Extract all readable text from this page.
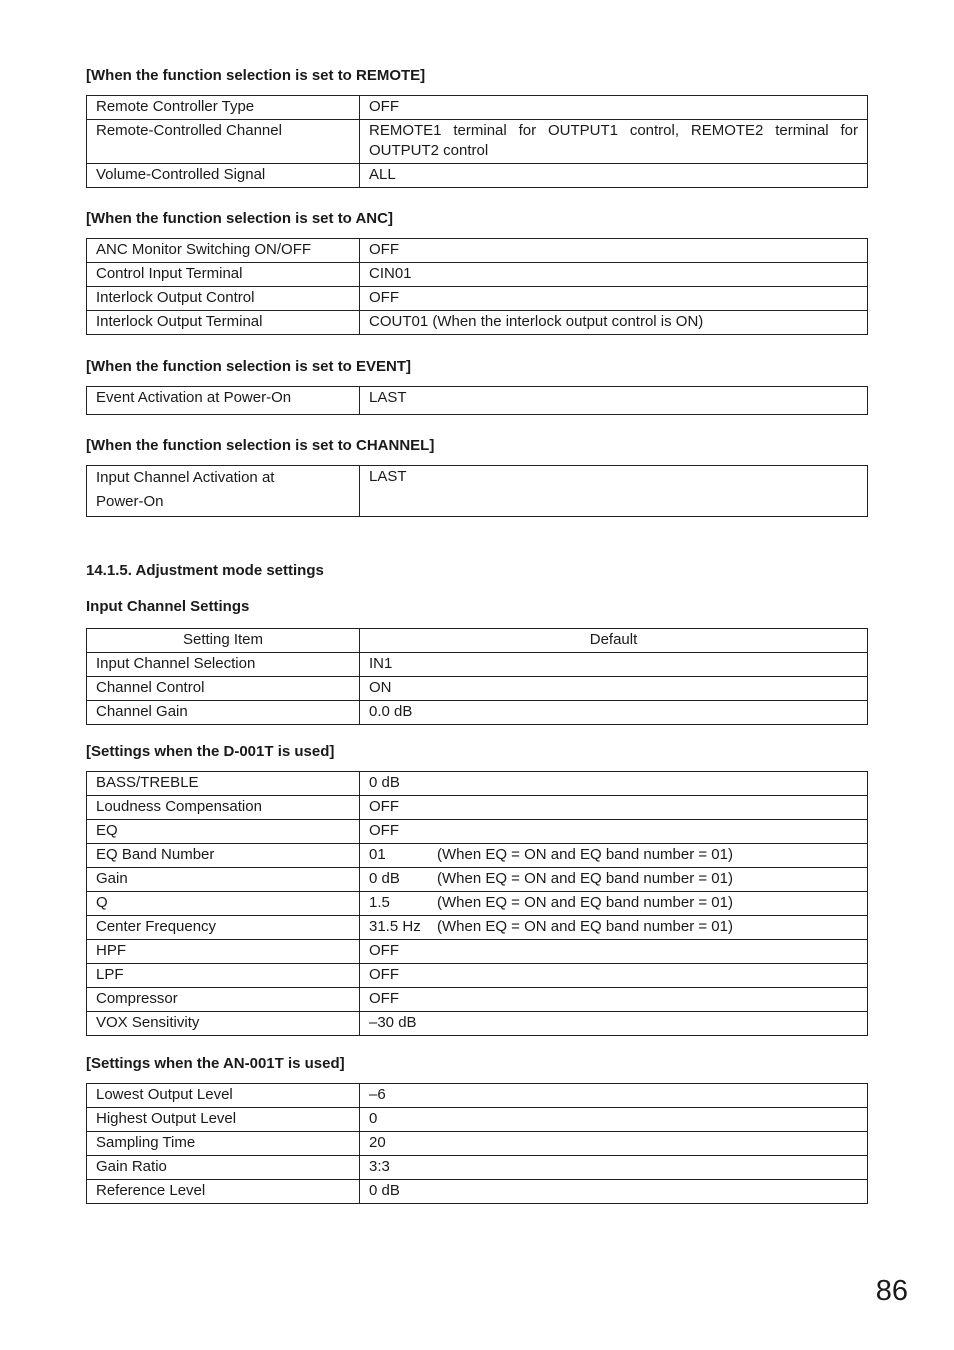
[When the function selection is set to REMOTE]
Remote Controller Type	OFF
Remote-Controlled Channel	REMOTE1 terminal for OUTPUT1 control, REMOTE2 terminal for OUTPUT2 control
Volume-Controlled Signal	ALL
[When the function selection is set to ANC]
ANC Monitor Switching ON/OFF	OFF
Control Input Terminal	CIN01
Interlock Output Control	OFF
Interlock Output Terminal	COUT01 (When the interlock output control is ON)
[When the function selection is set to EVENT]
Event Activation at Power-On	LAST
[When the function selection is set to CHANNEL]
Input Channel Activation at
Power-On	LAST
14.1.5. Adjustment mode settings
Input Channel Settings
Setting Item	Default
Input Channel Selection	IN1
Channel Control	ON
Channel Gain	0.0 dB
[Settings when the D-001T is used]
BASS/TREBLE	0 dB
Loudness Compensation	OFF
EQ	OFF
EQ Band Number	01 (When EQ = ON and EQ band number = 01)
Gain	0 dB (When EQ = ON and EQ band number = 01)
Q	1.5 (When EQ = ON and EQ band number = 01)
Center Frequency	31.5 Hz (When EQ = ON and EQ band number = 01)
HPF	OFF
LPF	OFF
Compressor	OFF
VOX Sensitivity	–30 dB
[Settings when the AN-001T is used]
Lowest Output Level	–6
Highest Output Level	0
Sampling Time	20
Gain Ratio	3:3
Reference Level	0 dB
86
